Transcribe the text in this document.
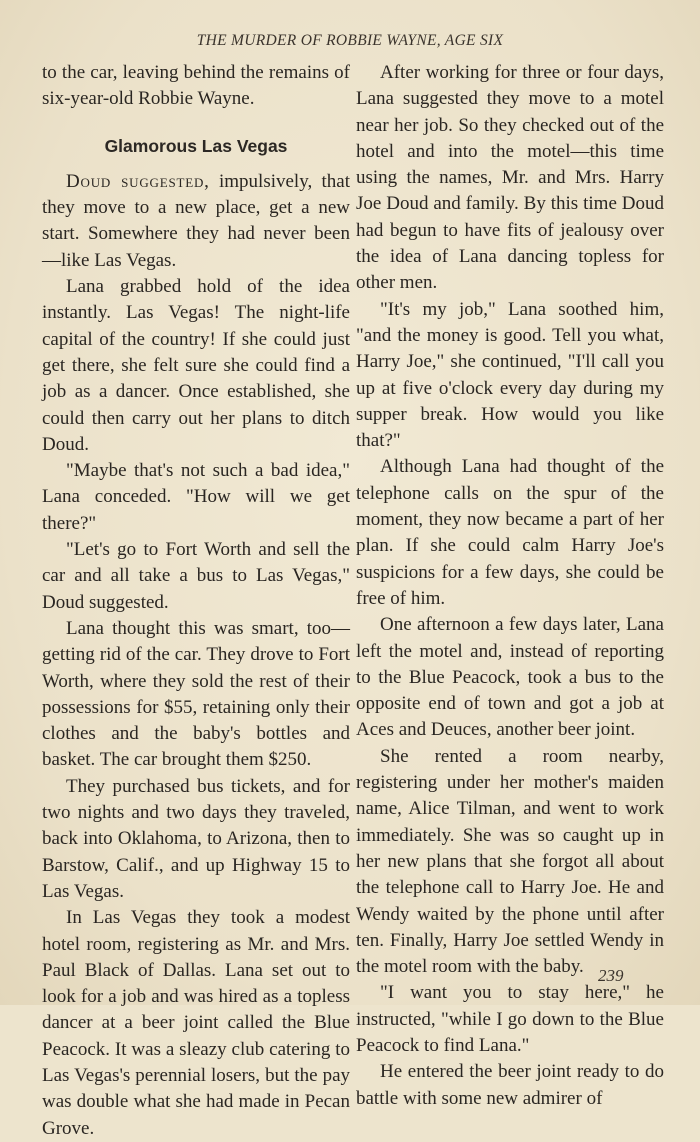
THE MURDER OF ROBBIE WAYNE, AGE SIX

to the car, leaving behind the remains of six-year-old Robbie Wayne.

Glamorous Las Vegas

Doud suggested, impulsively, that they move to a new place, get a new start. Somewhere they had never been—like Las Vegas.

Lana grabbed hold of the idea instantly. Las Vegas! The night-life capital of the country! If she could just get there, she felt sure she could find a job as a dancer. Once established, she could then carry out her plans to ditch Doud.

"Maybe that's not such a bad idea," Lana conceded. "How will we get there?"

"Let's go to Fort Worth and sell the car and all take a bus to Las Vegas," Doud suggested.

Lana thought this was smart, too—getting rid of the car. They drove to Fort Worth, where they sold the rest of their possessions for $55, retaining only their clothes and the baby's bottles and basket. The car brought them $250.

They purchased bus tickets, and for two nights and two days they traveled, back into Oklahoma, to Arizona, then to Barstow, Calif., and up Highway 15 to Las Vegas.

In Las Vegas they took a modest hotel room, registering as Mr. and Mrs. Paul Black of Dallas. Lana set out to look for a job and was hired as a topless dancer at a beer joint called the Blue Peacock. It was a sleazy club catering to Las Vegas's perennial losers, but the pay was double what she had made in Pecan Grove.

After working for three or four days, Lana suggested they move to a motel near her job. So they checked out of the hotel and into the motel—this time using the names, Mr. and Mrs. Harry Joe Doud and family. By this time Doud had begun to have fits of jealousy over the idea of Lana dancing topless for other men.

"It's my job," Lana soothed him, "and the money is good. Tell you what, Harry Joe," she continued, "I'll call you up at five o'clock every day during my supper break. How would you like that?"

Although Lana had thought of the telephone calls on the spur of the moment, they now became a part of her plan. If she could calm Harry Joe's suspicions for a few days, she could be free of him.

One afternoon a few days later, Lana left the motel and, instead of reporting to the Blue Peacock, took a bus to the opposite end of town and got a job at Aces and Deuces, another beer joint.

She rented a room nearby, registering under her mother's maiden name, Alice Tilman, and went to work immediately. She was so caught up in her new plans that she forgot all about the telephone call to Harry Joe. He and Wendy waited by the phone until after ten. Finally, Harry Joe settled Wendy in the motel room with the baby.

"I want you to stay here," he instructed, "while I go down to the Blue Peacock to find Lana."

He entered the beer joint ready to do battle with some new admirer of

239
